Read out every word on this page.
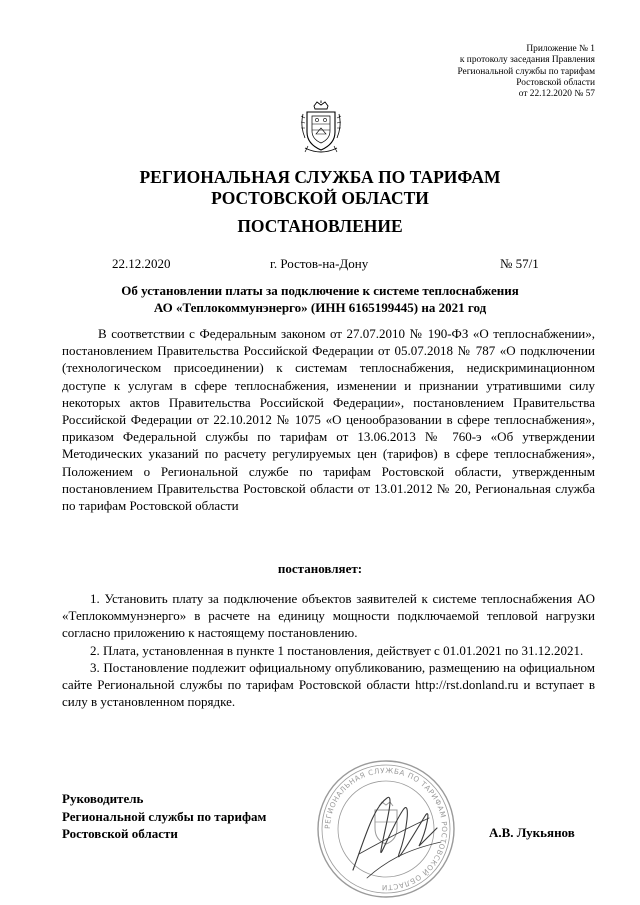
Приложение № 1
к протоколу заседания Правления
Региональной службы по тарифам
Ростовской области
от 22.12.2020 № 57
РЕГИОНАЛЬНАЯ СЛУЖБА ПО ТАРИФАМ
РОСТОВСКОЙ ОБЛАСТИ
ПОСТАНОВЛЕНИЕ
22.12.2020	г. Ростов-на-Дону	№ 57/1
Об установлении платы за подключение к системе теплоснабжения
АО «Теплокоммунэнерго» (ИНН 6165199445) на 2021 год
В соответствии с Федеральным законом от 27.07.2010 № 190-ФЗ «О теплоснабжении», постановлением Правительства Российской Федерации от 05.07.2018 № 787 «О подключении (технологическом присоединении) к системам теплоснабжения, недискриминационном доступе к услугам в сфере теплоснабжения, изменении и признании утратившими силу некоторых актов Правительства Российской Федерации», постановлением Правительства Российской Федерации от 22.10.2012 № 1075 «О ценообразовании в сфере теплоснабжения», приказом Федеральной службы по тарифам от 13.06.2013 № 760-э «Об утверждении Методических указаний по расчету регулируемых цен (тарифов) в сфере теплоснабжения», Положением о Региональной службе по тарифам Ростовской области, утвержденным постановлением Правительства Ростовской области от 13.01.2012 № 20, Региональная служба по тарифам Ростовской области
постановляет:

1. Установить плату за подключение объектов заявителей к системе теплоснабжения АО «Теплокоммунэнерго» в расчете на единицу мощности подключаемой тепловой нагрузки согласно приложению к настоящему постановлению.

2. Плата, установленная в пункте 1 постановления, действует с 01.01.2021 по 31.12.2021.

3. Постановление подлежит официальному опубликованию, размещению на официальном сайте Региональной службы по тарифам Ростовской области http://rst.donland.ru и вступает в силу в установленном порядке.

РЕГИОНАЛЬНАЯ СЛУЖБА ПО ТАРИФАМ РОСТОВСКОЙ ОБЛАСТИ
Руководитель
Региональной службы по тарифам
Ростовской области	А.В. Лукьянов
